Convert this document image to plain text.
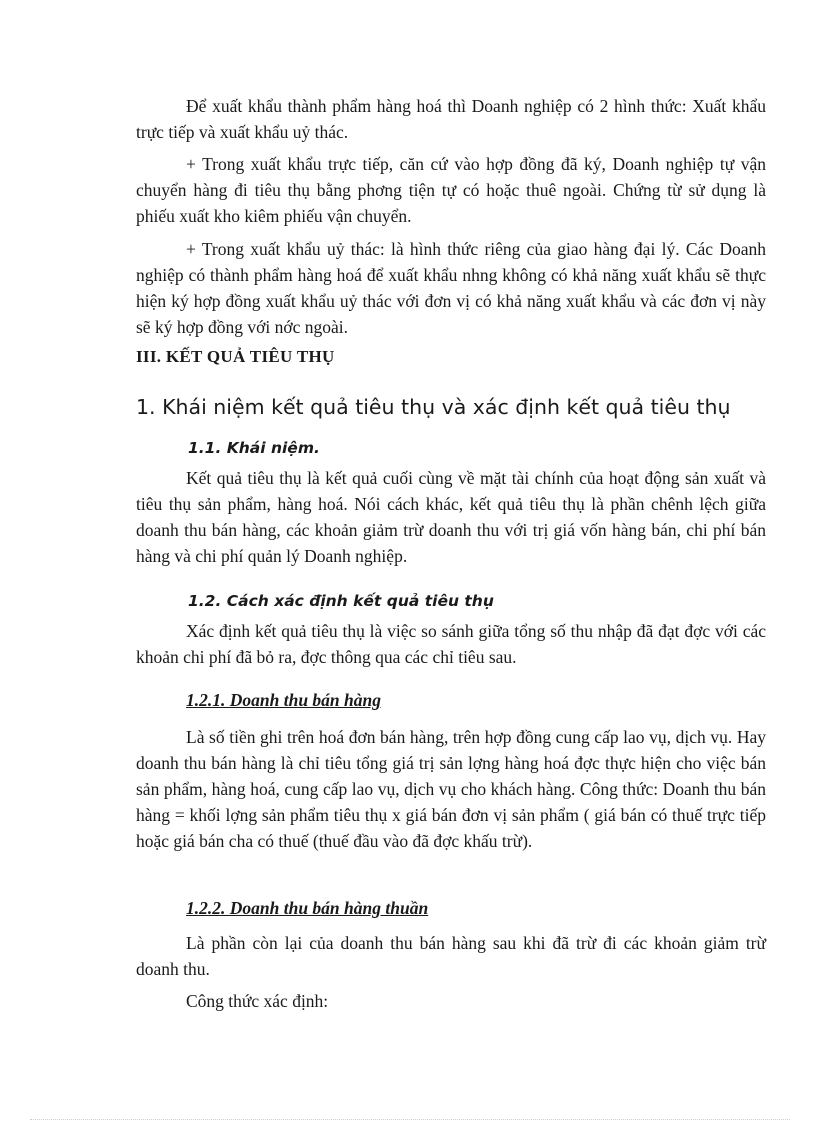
Để xuất khẩu thành phẩm hàng hoá thì Doanh nghiệp có 2 hình thức: Xuất khẩu trực tiếp và xuất khẩu uỷ thác.

+ Trong xuất khẩu trực tiếp, căn cứ vào hợp đồng đã ký, Doanh nghiệp tự vận chuyển hàng đi tiêu thụ bằng phơng tiện tự có hoặc thuê ngoài. Chứng từ sử dụng là phiếu xuất kho kiêm phiếu vận chuyển.

+ Trong xuất khẩu uỷ thác: là hình thức riêng của giao hàng đại lý. Các Doanh nghiệp có thành phẩm hàng hoá để xuất khẩu nhng không có khả năng xuất khẩu sẽ thực hiện ký hợp đồng xuất khẩu uỷ thác với đơn vị có khả năng xuất khẩu và các đơn vị này sẽ ký hợp đồng với nớc ngoài.

III. KẾT QUẢ TIÊU THỤ
1. Khái niệm kết quả tiêu thụ và xác định kết quả tiêu thụ
1.1. Khái niệm.

Kết quả tiêu thụ là kết quả cuối cùng về mặt tài chính của hoạt động sản xuất và tiêu thụ sản phẩm, hàng hoá. Nói cách khác, kết quả tiêu thụ là phần chênh lệch giữa doanh thu bán hàng, các khoản giảm trừ doanh thu với trị giá vốn hàng bán, chi phí bán hàng và chi phí quản lý Doanh nghiệp.

1.2. Cách xác định kết quả tiêu thụ

Xác định kết quả tiêu thụ là việc so sánh giữa tổng số thu nhập đã đạt đợc với các khoản chi phí đã bỏ ra, đợc thông qua các chỉ tiêu sau.

1.2.1. Doanh thu bán hàng

Là số tiền ghi trên hoá đơn bán hàng, trên hợp đồng cung cấp lao vụ, dịch vụ. Hay doanh thu bán hàng là chỉ tiêu tổng giá trị sản lợng hàng hoá đợc thực hiện cho việc bán sản phẩm, hàng hoá, cung cấp lao vụ, dịch vụ cho khách hàng. Công thức: Doanh thu bán hàng = khối lợng sản phẩm tiêu thụ x giá bán đơn vị sản phẩm ( giá bán có thuế trực tiếp hoặc giá bán cha có thuế (thuế đầu vào đã đợc khấu trừ).

1.2.2. Doanh thu bán hàng thuần

Là phần còn lại của doanh thu bán hàng sau khi đã trừ đi các khoản giảm trừ doanh thu.

Công thức xác định:
